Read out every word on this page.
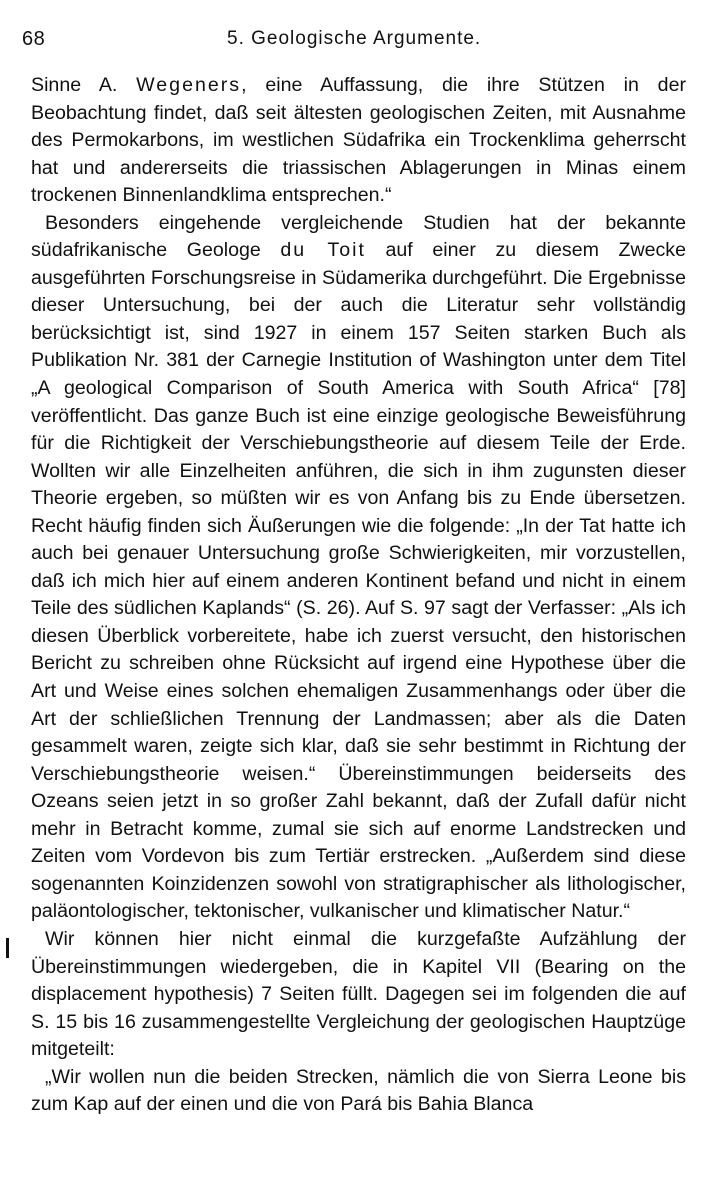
68	5. Geologische Argumente.

Sinne A. Wegeners, eine Auffassung, die ihre Stützen in der Beobachtung findet, daß seit ältesten geologischen Zeiten, mit Ausnahme des Permokarbons, im westlichen Südafrika ein Trockenklima geherrscht hat und andererseits die triassischen Ablagerungen in Minas einem trockenen Binnenlandklima entsprechen.“

Besonders eingehende vergleichende Studien hat der bekannte südafrikanische Geologe du Toit auf einer zu diesem Zwecke ausgeführten Forschungsreise in Südamerika durchgeführt. Die Ergebnisse dieser Untersuchung, bei der auch die Literatur sehr vollständig berücksichtigt ist, sind 1927 in einem 157 Seiten starken Buch als Publikation Nr. 381 der Carnegie Institution of Washington unter dem Titel „A geological Comparison of South America with South Africa“ [78] veröffentlicht. Das ganze Buch ist eine einzige geologische Beweisführung für die Richtigkeit der Verschiebungstheorie auf diesem Teile der Erde. Wollten wir alle Einzelheiten anführen, die sich in ihm zugunsten dieser Theorie ergeben, so müßten wir es von Anfang bis zu Ende übersetzen. Recht häufig finden sich Äußerungen wie die folgende: „In der Tat hatte ich auch bei genauer Untersuchung große Schwierigkeiten, mir vorzustellen, daß ich mich hier auf einem anderen Kontinent befand und nicht in einem Teile des südlichen Kaplands“ (S. 26). Auf S. 97 sagt der Verfasser: „Als ich diesen Überblick vorbereitete, habe ich zuerst versucht, den historischen Bericht zu schreiben ohne Rücksicht auf irgend eine Hypothese über die Art und Weise eines solchen ehemaligen Zusammenhangs oder über die Art der schließlichen Trennung der Landmassen; aber als die Daten gesammelt waren, zeigte sich klar, daß sie sehr bestimmt in Richtung der Verschiebungstheorie weisen.“ Übereinstimmungen beiderseits des Ozeans seien jetzt in so großer Zahl bekannt, daß der Zufall dafür nicht mehr in Betracht komme, zumal sie sich auf enorme Landstrecken und Zeiten vom Vordevon bis zum Tertiär erstrecken. „Außerdem sind diese sogenannten Koinzidenzen sowohl von stratigraphischer als lithologischer, paläontologischer, tektonischer, vulkanischer und klimatischer Natur.“

Wir können hier nicht einmal die kurzgefaßte Aufzählung der Übereinstimmungen wiedergeben, die in Kapitel VII (Bearing on the displacement hypothesis) 7 Seiten füllt. Dagegen sei im folgenden die auf S. 15 bis 16 zusammengestellte Vergleichung der geologischen Hauptzüge mitgeteilt:

„Wir wollen nun die beiden Strecken, nämlich die von Sierra Leone bis zum Kap auf der einen und die von Pará bis Bahia Blanca
